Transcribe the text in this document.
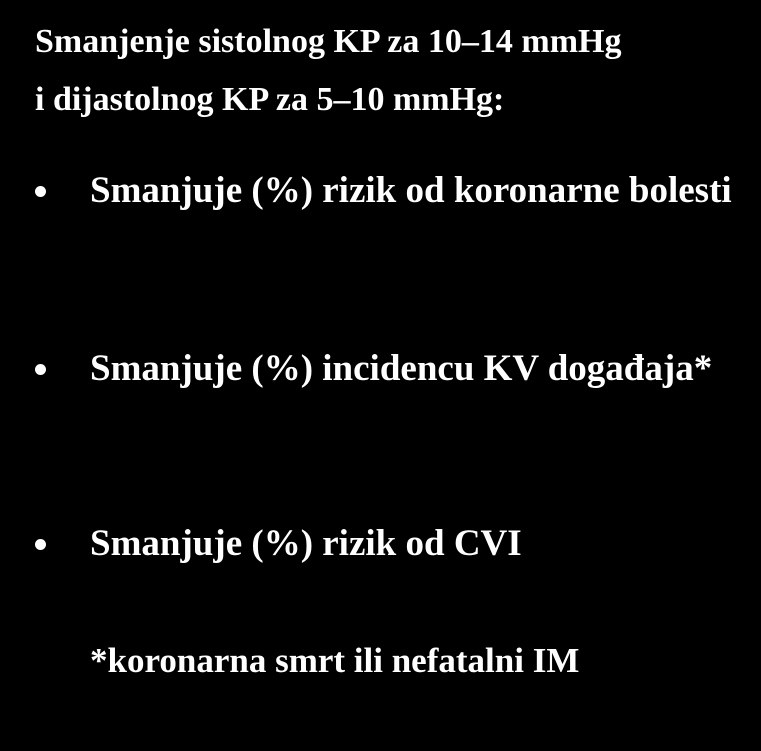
Smanjenje sistolnog KP za 10–14 mmHg
i dijastolnog KP za 5–10 mmHg:
Smanjuje (%) rizik od koronarne bolesti
Smanjuje (%) incidencu KV događaja*
Smanjuje (%) rizik od CVI
*koronarna smrt ili nefatalni IM
